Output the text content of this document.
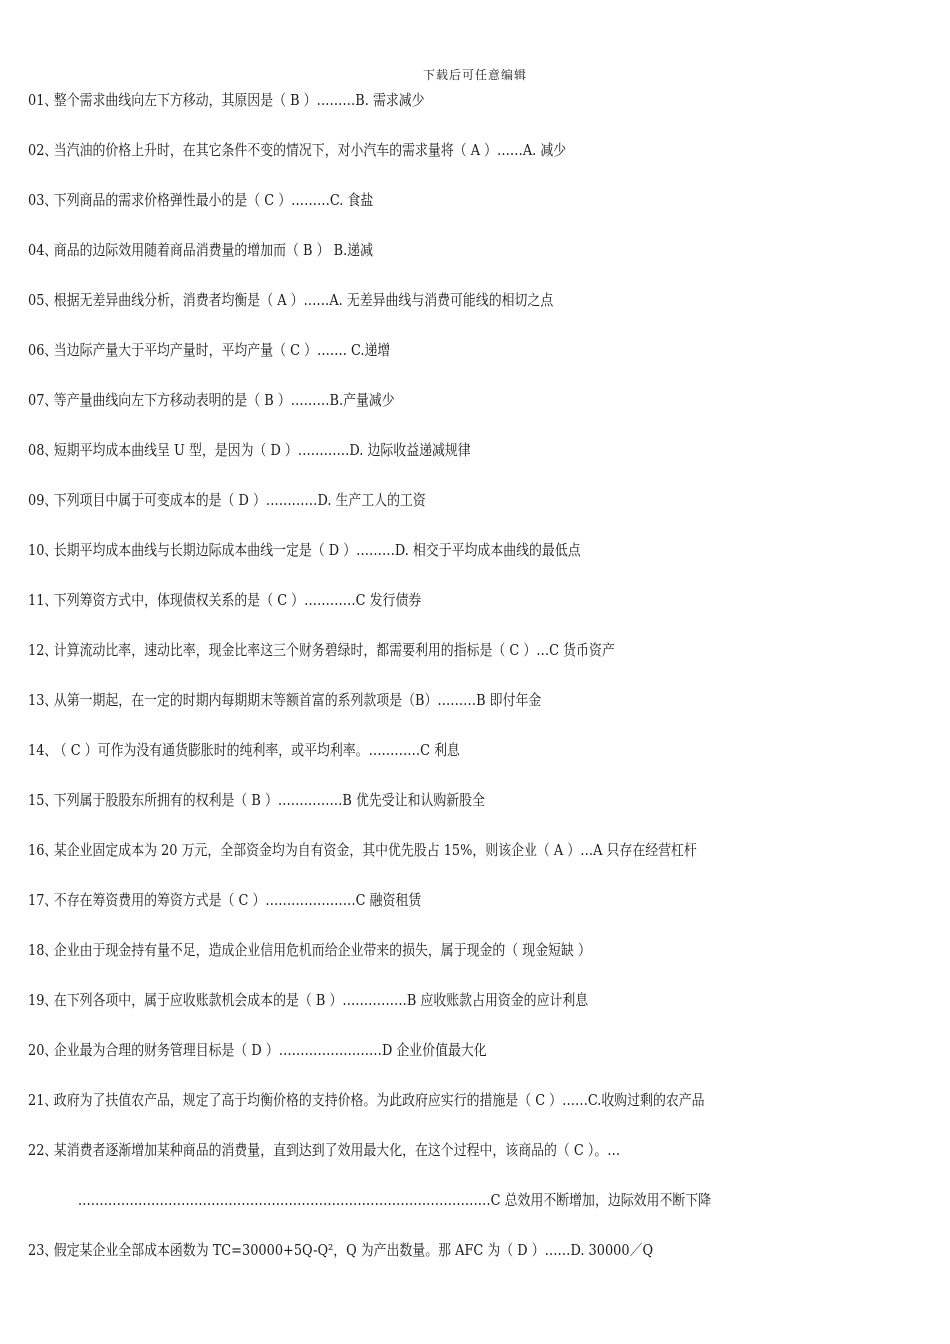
下载后可任意编辑
01、整个需求曲线向左下方移动，其原因是（ B ）………B. 需求减少
02、当汽油的价格上升时，在其它条件不变的情况下，对小汽车的需求量将（ A ）……A. 减少
03、下列商品的需求价格弹性最小的是（ C ）………C. 食盐
04、商品的边际效用随着商品消费量的增加而（ B ） B.递减
05、根据无差异曲线分析，消费者均衡是（ A ）……A. 无差异曲线与消费可能线的相切之点
06、当边际产量大于平均产量时，平均产量（ C ）……. C.递增
07、等产量曲线向左下方移动表明的是（ B ）………B.产量减少
08、短期平均成本曲线呈 U 型，是因为（ D ）…………D. 边际收益递减规律
09、下列项目中属于可变成本的是（ D ）…………D. 生产工人的工资
10、长期平均成本曲线与长期边际成本曲线一定是（ D ）………D. 相交于平均成本曲线的最低点
11、下列筹资方式中，体现债权关系的是（ C ）…………C 发行债券
12、计算流动比率，速动比率，现金比率这三个财务碧绿时，都需要利用的指标是（ C ）…C 货币资产
13、从第一期起，在一定的时期内每期期末等额首富的系列款项是（B）………B 即付年金
14、（ C ）可作为没有通货膨胀时的纯利率，或平均利率。…………C 利息
15、下列属于股股东所拥有的权利是（ B ）……………B 优先受让和认购新股全
16、某企业固定成本为 20 万元，全部资金均为自有资金，其中优先股占 15%，则该企业（ A ）…A 只存在经营杠杆
17、不存在筹资费用的筹资方式是（ C ）…………………C 融资租赁
18、企业由于现金持有量不足，造成企业信用危机而给企业带来的损失，属于现金的（ 现金短缺 ）
19、在下列各项中，属于应收账款机会成本的是（ B ）……………B 应收账款占用资金的应计利息
20、企业最为合理的财务管理目标是（ D ）……………………D 企业价值最大化
21、政府为了扶值农产品，规定了高于均衡价格的支持价格。为此政府应实行的措施是（ C ）……C.收购过剩的农产品
22、某消费者逐渐增加某种商品的消费量，直到达到了效用最大化，在这个过程中，该商品的（ C ）。…
……………………………………………………………………………………C 总效用不断增加，边际效用不断下降
23、假定某企业全部成本函数为 TC=30000+5Q-Q²，Q 为产出数量。那 AFC 为（ D ）……D. 30000／Q
